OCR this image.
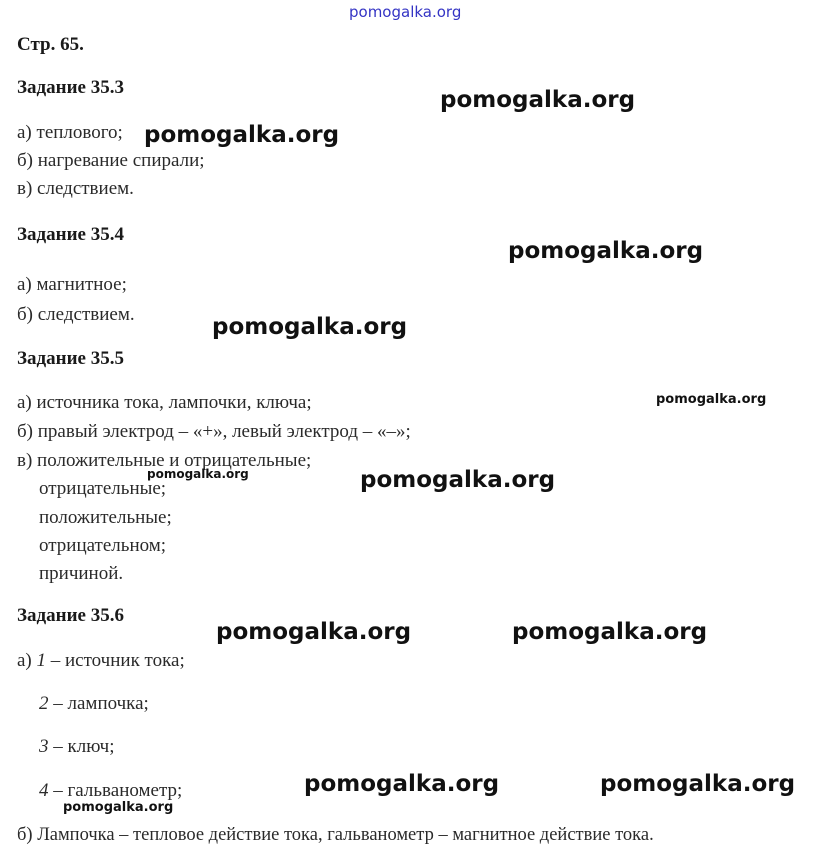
pomogalka.org
Стр. 65.
Задание 35.3
а) теплового;
б) нагревание спирали;
в) следствием.
Задание 35.4
а) магнитное;
б) следствием.
Задание 35.5
а) источника тока, лампочки, ключа;
б) правый электрод – «+», левый электрод – «–»;
в) положительные и отрицательные;
отрицательные;
положительные;
отрицательном;
причиной.
Задание 35.6
а) 1 – источник тока;
2 – лампочка;
3 – ключ;
4 – гальванометр;
б) Лампочка – тепловое действие тока, гальванометр – магнитное действие тока.
pomogalka.org
pomogalka.org
pomogalka.org
pomogalka.org
pomogalka.org
pomogalka.org	pomogalka.org
pomogalka.org	pomogalka.org
pomogalka.org	pomogalka.org
pomogalka.org
